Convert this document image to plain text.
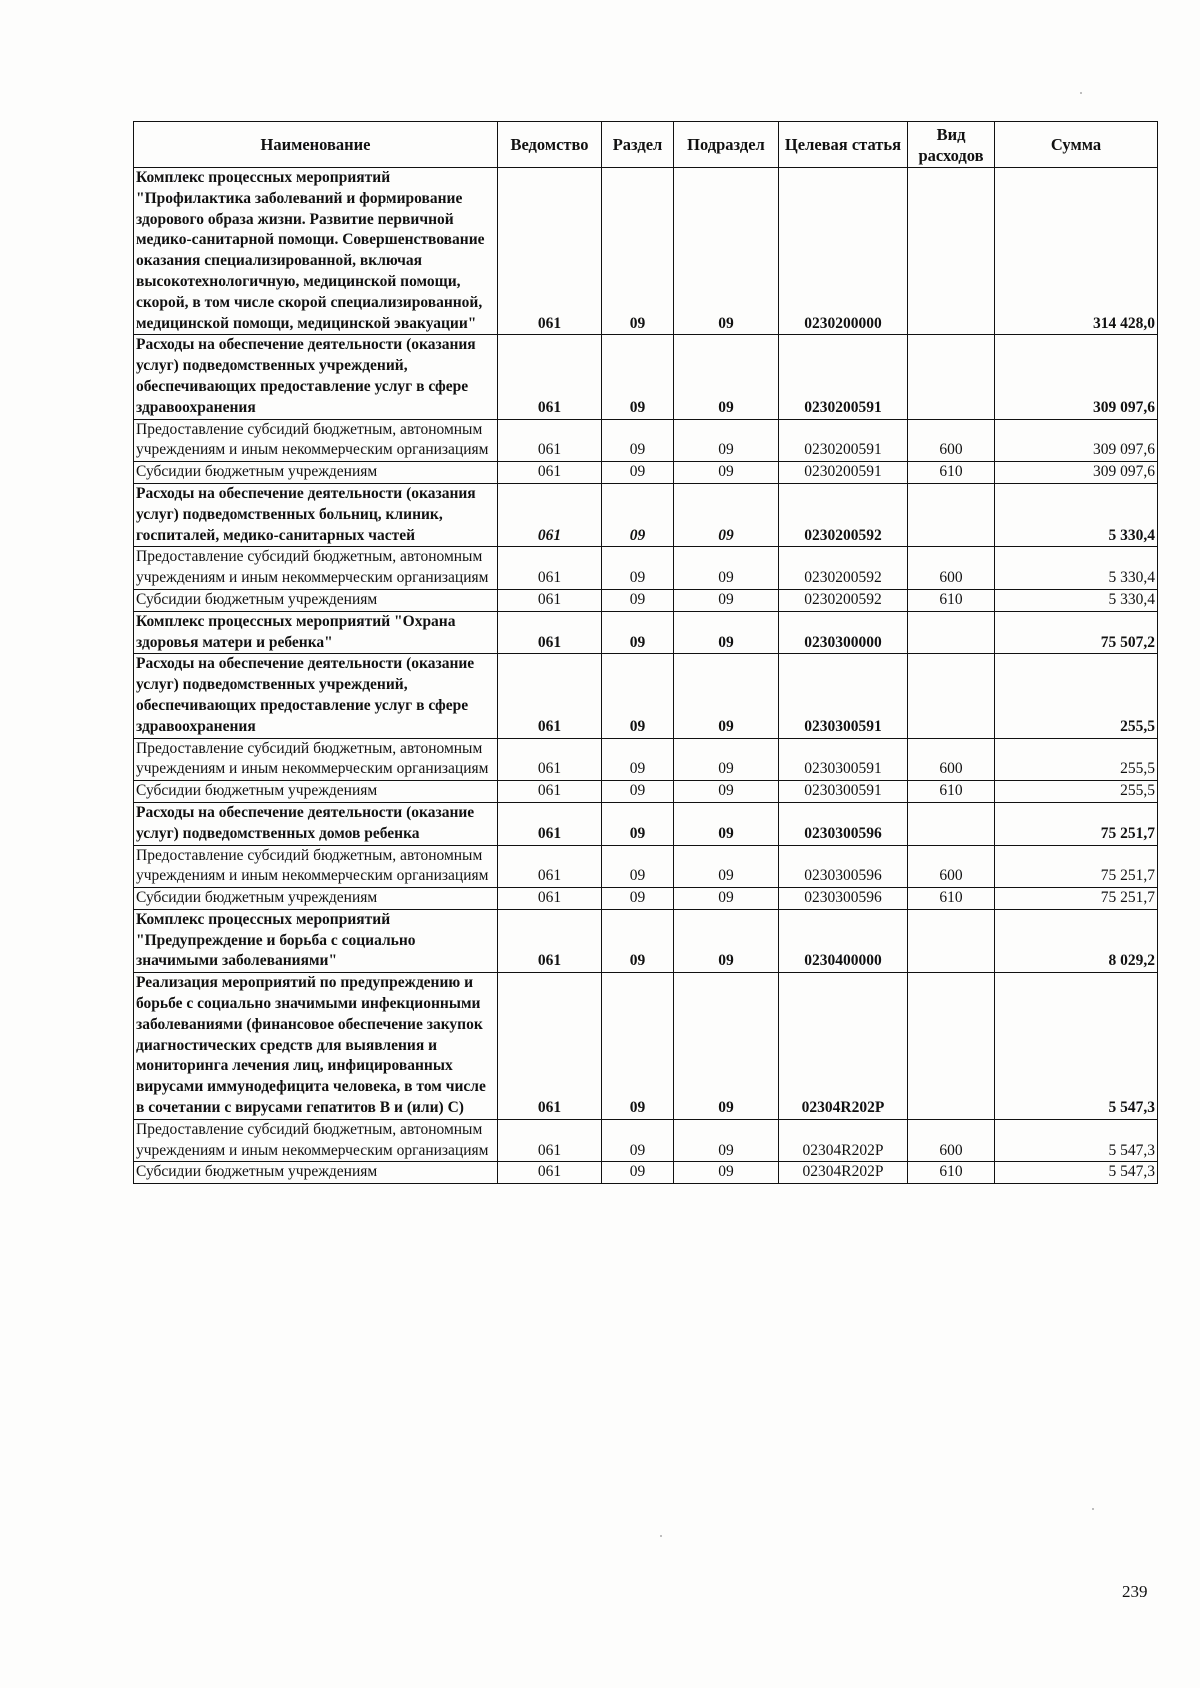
Наименование	Ведомство	Раздел	Подраздел	Целевая статья	Вид расходов	Сумма
Комплекс процессных мероприятий "Профилактика заболеваний и формирование здорового образа жизни. Развитие первичной медико-санитарной помощи. Совершенствование оказания специализированной, включая высокотехнологичную, медицинской помощи, скорой, в том числе скорой специализированной, медицинской помощи, медицинской эвакуации"	061	09	09	0230200000		314 428,0
Расходы на обеспечение деятельности (оказания услуг) подведомственных учреждений, обеспечивающих предоставление услуг в сфере здравоохранения	061	09	09	0230200591		309 097,6
Предоставление субсидий бюджетным, автономным учреждениям и иным некоммерческим организациям	061	09	09	0230200591	600	309 097,6
Субсидии бюджетным учреждениям	061	09	09	0230200591	610	309 097,6
Расходы на обеспечение деятельности (оказания услуг) подведомственных больниц, клиник, госпиталей, медико-санитарных частей	061	09	09	0230200592		5 330,4
Предоставление субсидий бюджетным, автономным учреждениям и иным некоммерческим организациям	061	09	09	0230200592	600	5 330,4
Субсидии бюджетным учреждениям	061	09	09	0230200592	610	5 330,4
Комплекс процессных мероприятий "Охрана здоровья матери и ребенка"	061	09	09	0230300000		75 507,2
Расходы на обеспечение деятельности (оказание услуг) подведомственных учреждений, обеспечивающих предоставление услуг в сфере здравоохранения	061	09	09	0230300591		255,5
Предоставление субсидий бюджетным, автономным учреждениям и иным некоммерческим организациям	061	09	09	0230300591	600	255,5
Субсидии бюджетным учреждениям	061	09	09	0230300591	610	255,5
Расходы на обеспечение деятельности (оказание услуг) подведомственных домов ребенка	061	09	09	0230300596		75 251,7
Предоставление субсидий бюджетным, автономным учреждениям и иным некоммерческим организациям	061	09	09	0230300596	600	75 251,7
Субсидии бюджетным учреждениям	061	09	09	0230300596	610	75 251,7
Комплекс процессных мероприятий "Предупреждение и борьба с социально значимыми заболеваниями"	061	09	09	0230400000		8 029,2
Реализация мероприятий по предупреждению и борьбе с социально значимыми инфекционными заболеваниями (финансовое обеспечение закупок диагностических средств для выявления и мониторинга лечения лиц, инфицированных вирусами иммунодефицита человека, в том числе в сочетании с вирусами гепатитов В и (или) С)	061	09	09	02304R202P		5 547,3
Предоставление субсидий бюджетным, автономным учреждениям и иным некоммерческим организациям	061	09	09	02304R202P	600	5 547,3
Субсидии бюджетным учреждениям	061	09	09	02304R202P	610	5 547,3
239
